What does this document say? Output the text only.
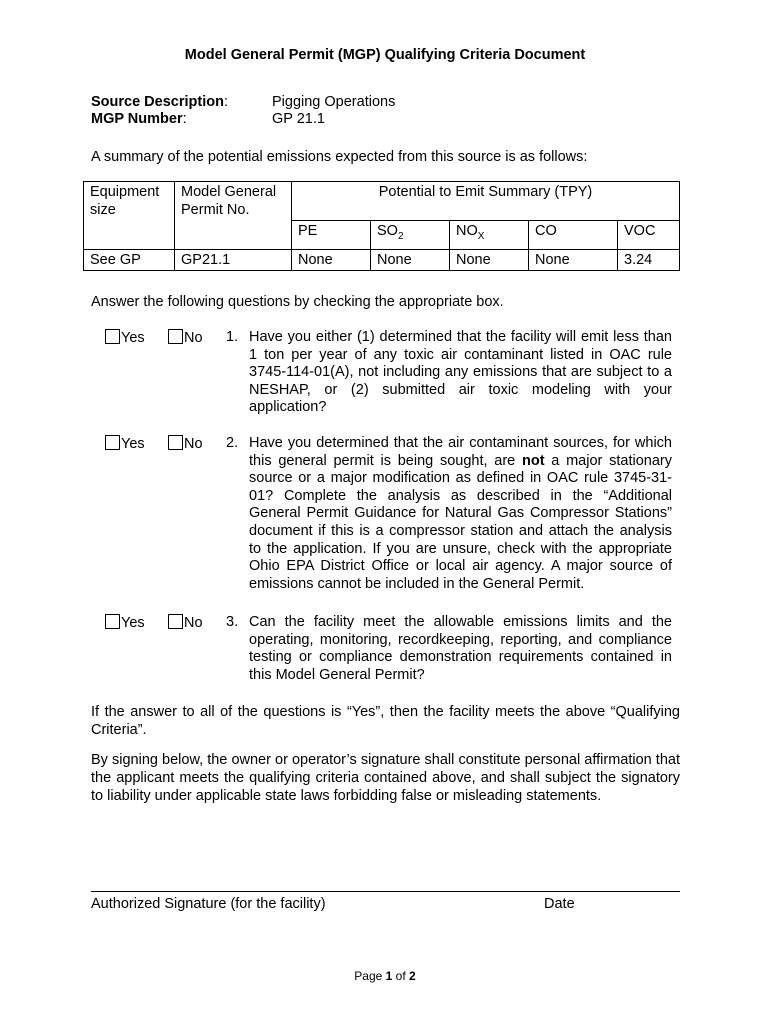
Model General Permit (MGP) Qualifying Criteria Document
Source Description:	Pigging Operations
MGP Number:	GP 21.1
A summary of the potential emissions expected from this source is as follows:
Equipment size	Model General Permit No.	Potential to Emit Summary (TPY)				
		PE	$SO_2$	$NO_X$	CO	VOC
See GP	GP21.1	None	None	None	None	3.24
Answer the following questions by checking the appropriate box.
Yes	No 1. Have you either (1) determined that the facility will emit less than 1 ton per year of any toxic air contaminant listed in OAC rule 3745-114-01(A), not including any emissions that are subject to a NESHAP, or (2) submitted air toxic modeling with your application?
Yes	No 2. Have you determined that the air contaminant sources, for which this general permit is being sought, are not a major stationary source or a major modification as defined in OAC rule 3745-31-01? Complete the analysis as described in the “Additional General Permit Guidance for Natural Gas Compressor Stations” document if this is a compressor station and attach the analysis to the application. If you are unsure, check with the appropriate Ohio EPA District Office or local air agency. A major source of emissions cannot be included in the General Permit.
Yes	No 3. Can the facility meet the allowable emissions limits and the operating, monitoring, recordkeeping, reporting, and compliance testing or compliance demonstration requirements contained in this Model General Permit?
If the answer to all of the questions is “Yes”, then the facility meets the above “Qualifying Criteria”.
By signing below, the owner or operator’s signature shall constitute personal affirmation that the applicant meets the qualifying criteria contained above, and shall subject the signatory to liability under applicable state laws forbidding false or misleading statements.
Authorized Signature (for the facility)	Date
Page 1 of 2
